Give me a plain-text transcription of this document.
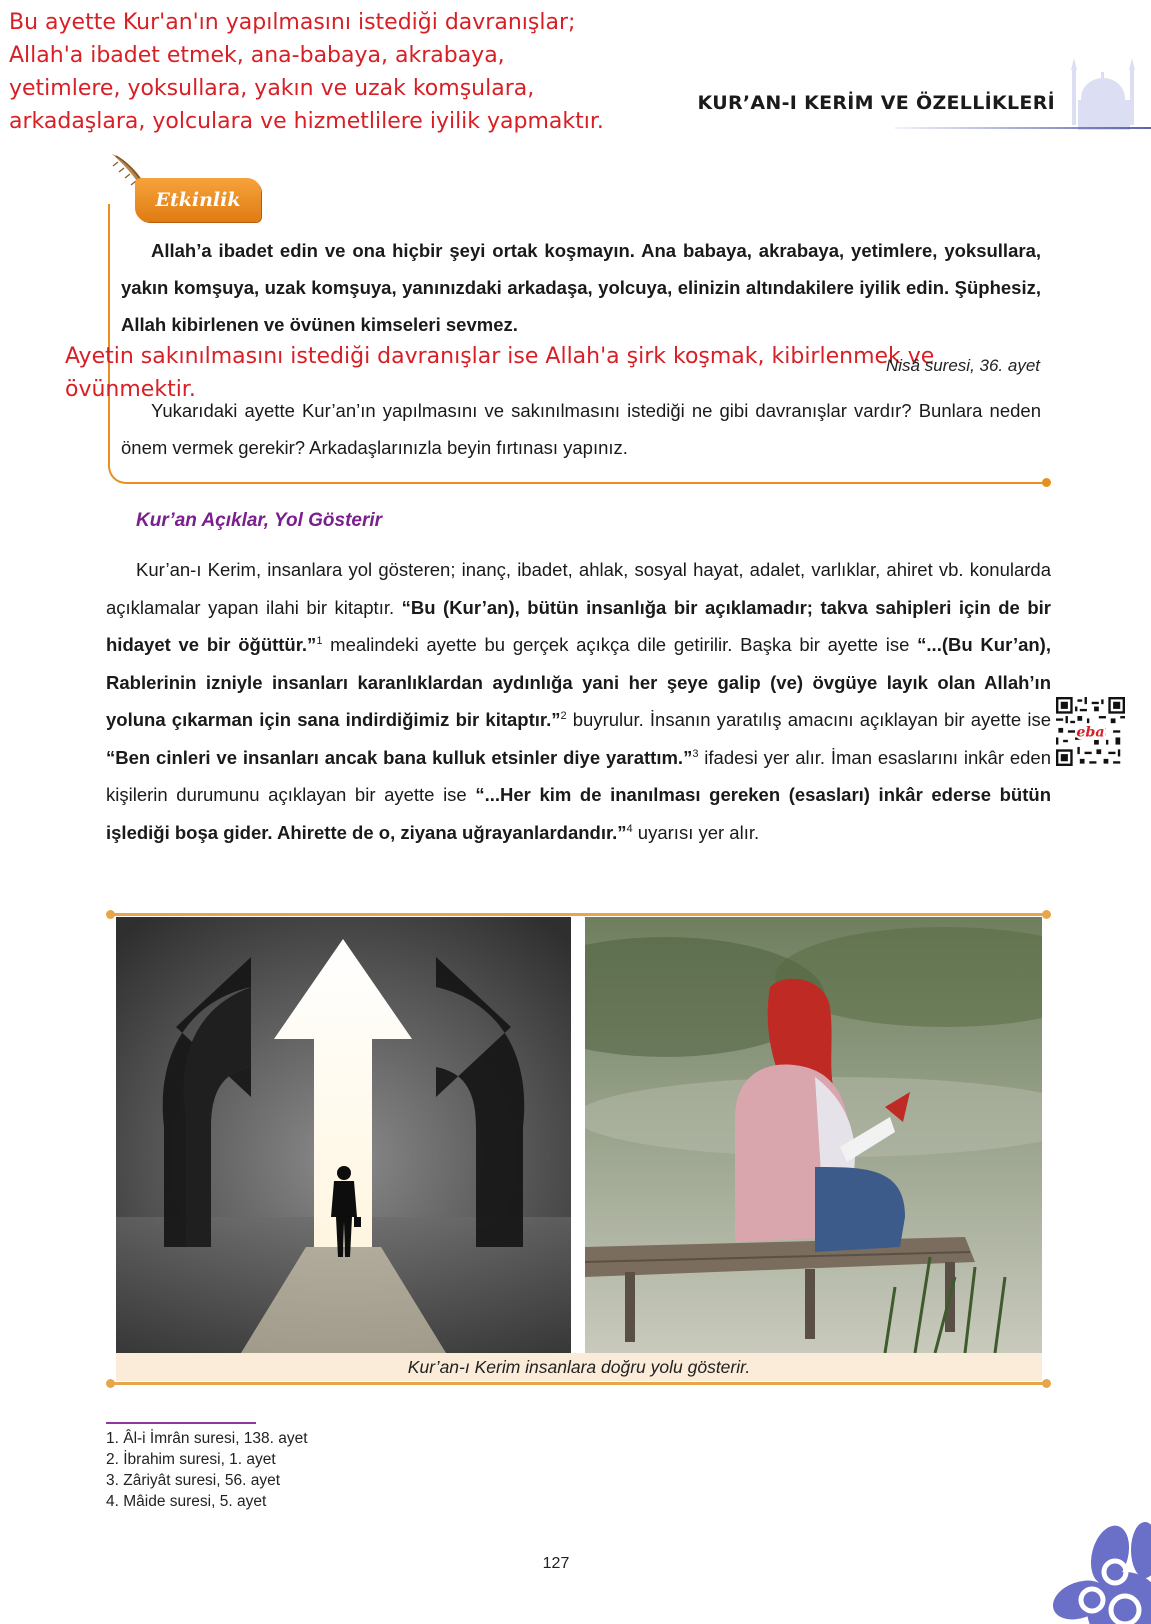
KUR’AN-I KERİM VE ÖZELLİKLERİ
Bu ayette Kur'an'ın yapılmasını istediği davranışlar; Allah'a ibadet etmek, ana-babaya, akrabaya, yetimlere, yoksullara, yakın ve uzak komşulara, arkadaşlara, yolculara ve hizmetlilere iyilik yapmaktır.
Etkinlik
Allah’a ibadet edin ve ona hiçbir şeyi ortak koşmayın. Ana babaya, akrabaya, yetimlere, yoksullara, yakın komşuya, uzak komşuya, yanınızdaki arkadaşa, yolcuya, elinizin altındakilere iyilik edin. Şüphesiz, Allah kibirlenen ve övünen kimseleri sevmez.
Ayetin sakınılmasını istediği davranışlar ise Allah'a şirk koşmak, kibirlenmek ve övünmektir.
Nisâ suresi, 36. ayet
Yukarıdaki ayette Kur’an’ın yapılmasını ve sakınılmasını istediği ne gibi davranışlar vardır? Bunlara neden önem vermek gerekir? Arkadaşlarınızla beyin fırtınası yapınız.
Kur’an Açıklar, Yol Gösterir
Kur’an-ı Kerim, insanlara yol gösteren; inanç, ibadet, ahlak, sosyal hayat, adalet, varlıklar, ahiret vb. konularda açıklamalar yapan ilahi bir kitaptır. “Bu (Kur’an), bütün insanlığa bir açıklamadır; takva sahipleri için de bir hidayet ve bir öğüttür.”$^1$ mealindeki ayette bu gerçek açıkça dile getirilir. Başka bir ayette ise “...(Bu Kur’an), Rablerinin izniyle insanları karanlıklardan aydınlığa yani her şeye galip (ve) övgüye layık olan Allah’ın yoluna çıkarman için sana indirdiğimiz bir kitaptır.”$^2$ buyrulur. İnsanın yaratılış amacını açıklayan bir ayette ise “Ben cinleri ve insanları ancak bana kulluk etsinler diye yarattım.”$^3$ ifadesi yer alır. İman esaslarını inkâr eden kişilerin durumunu açıklayan bir ayette ise “...Her kim de inanılması gereken (esasları) inkâr ederse bütün işlediği boşa gider. Ahirette de o, ziyana uğrayanlardandır.”$^4$ uyarısı yer alır.
eba
Kur’an-ı Kerim insanlara doğru yolu gösterir.
1. Âl-i İmrân suresi, 138. ayet
2. İbrahim suresi, 1. ayet
3. Zâriyât suresi, 56. ayet
4. Mâide suresi, 5. ayet
127
